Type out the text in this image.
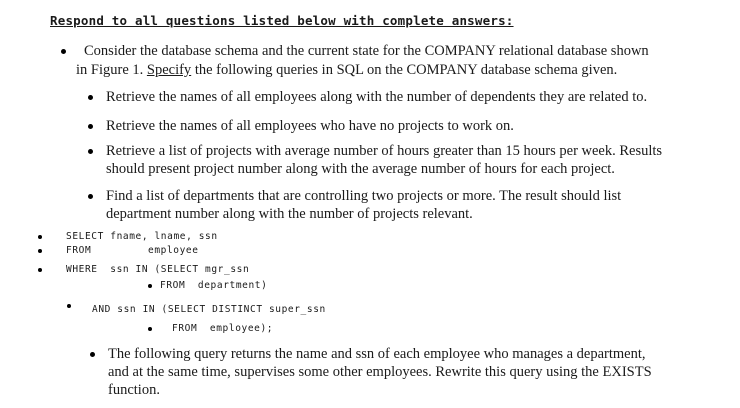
Respond to all questions listed below with complete answers:
Consider the database schema and the current state for the COMPANY relational database shown
in Figure 1. Specify the following queries in SQL on the COMPANY database schema given.
Retrieve the names of all employees along with the number of dependents they are related to.
Retrieve the names of all employees who have no projects to work on.
Retrieve a list of projects with average number of hours greater than 15 hours per week. Results
should present project number along with the average number of hours for each project.
Find a list of departments that are controlling two projects or more. The result should list
department number along with the number of projects relevant.
SELECT fname, lname, ssn
FROM	employee
WHERE ssn IN (SELECT mgr_ssn
FROM department)
AND ssn IN (SELECT DISTINCT super_ssn
FROM employee);
The following query returns the name and ssn of each employee who manages a department,
and at the same time, supervises some other employees. Rewrite this query using the EXISTS
function.
